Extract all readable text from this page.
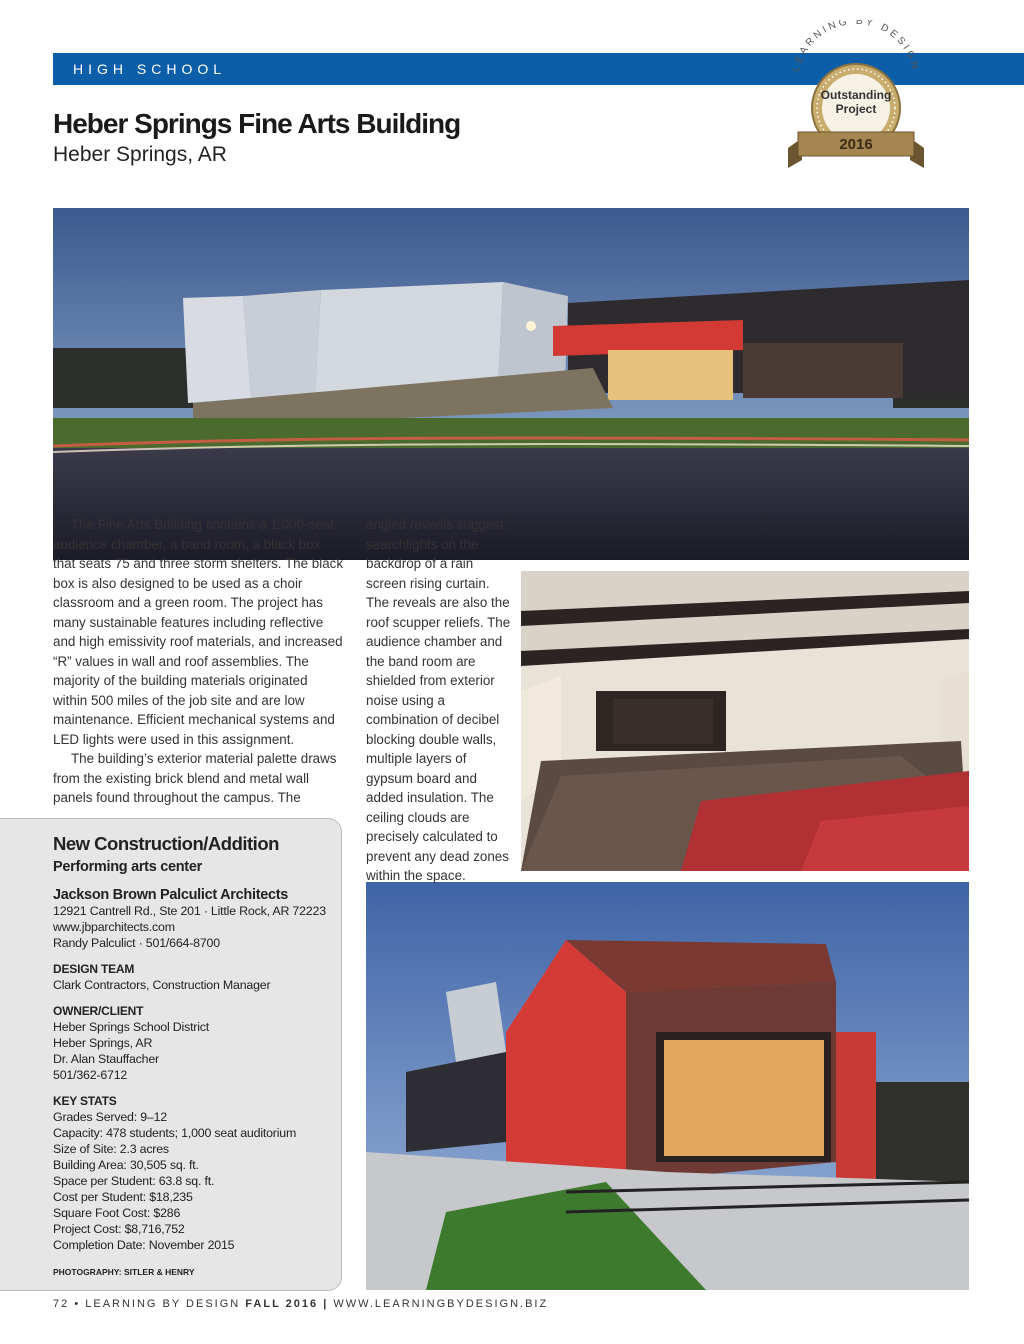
HIGH SCHOOL
Heber Springs Fine Arts Building
Heber Springs, AR
LEARNING BY DESIGN
Outstanding
Project
2016

The Fine Arts Building contains a 1,000-seat audience chamber, a band room, a black box that seats 75 and three storm shelters. The black box is also designed to be used as a choir classroom and a green room. The project has many sustainable features including reflective and high emissivity roof materials, and increased “R” values in wall and roof assemblies. The majority of the building materials originated within 500 miles of the job site and are low maintenance. Efficient mechanical systems and LED lights were used in this assignment.

The building’s exterior material palette draws from the existing brick blend and metal wall panels found throughout the campus. The

angled reveals suggest searchlights on the backdrop of a rain screen rising curtain. The reveals are also the roof scupper reliefs. The audience chamber and the band room are shielded from exterior noise using a combination of decibel blocking double walls, multiple layers of gypsum board and added insulation. The ceiling clouds are precisely calculated to prevent any dead zones within the space.

New Construction/Addition
Performing arts center
Jackson Brown Palculict Architects
12921 Cantrell Rd., Ste 201 · Little Rock, AR 72223
www.jbparchitects.com
Randy Palculict · 501/664-8700
DESIGN TEAM
Clark Contractors, Construction Manager
OWNER/CLIENT
Heber Springs School District
Heber Springs, AR
Dr. Alan Stauffacher
501/362-6712
KEY STATS
Grades Served: 9–12
Capacity: 478 students; 1,000 seat auditorium
Size of Site: 2.3 acres
Building Area: 30,505 sq. ft.
Space per Student: 63.8 sq. ft.
Cost per Student: $18,235
Square Foot Cost: $286
Project Cost: $8,716,752
Completion Date: November 2015
PHOTOGRAPHY: SITLER & HENRY
72 • LEARNING BY DESIGN FALL 2016 | WWW.LEARNINGBYDESIGN.BIZ
